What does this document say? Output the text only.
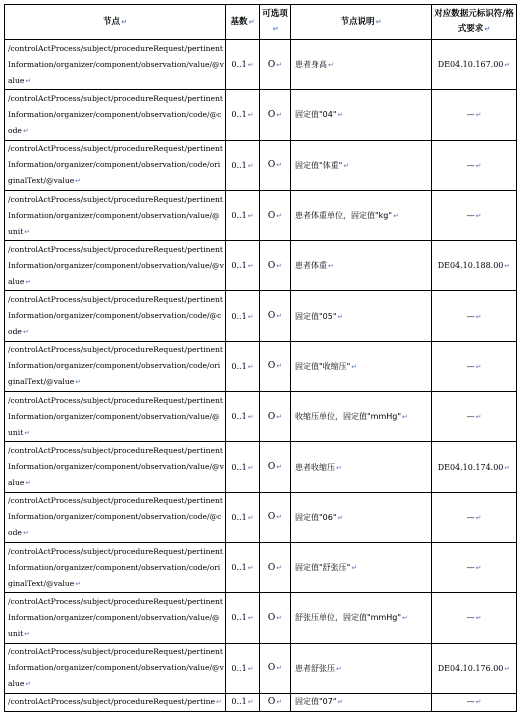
节点↵	基数↵	可选项↵	节点说明↵	对应数据元标识符/格式要求↵
/controlActProcess/subject/procedureRequest/pertinentInformation/organizer/component/observation/value/@value↵	0..1↵	O↵	患者身高↵	DE04.10.167.00↵
/controlActProcess/subject/procedureRequest/pertinentInformation/organizer/component/observation/code/@code↵	0..1↵	O↵	固定值"04"↵	—↵
/controlActProcess/subject/procedureRequest/pertinentInformation/organizer/component/observation/code/originalText/@value↵	0..1↵	O↵	固定值"体重"↵	—↵
/controlActProcess/subject/procedureRequest/pertinentInformation/organizer/component/observation/value/@unit↵	0..1↵	O↵	患者体重单位，固定值"kg"↵	—↵
/controlActProcess/subject/procedureRequest/pertinentInformation/organizer/component/observation/value/@value↵	0..1↵	O↵	患者体重↵	DE04.10.188.00↵
/controlActProcess/subject/procedureRequest/pertinentInformation/organizer/component/observation/code/@code↵	0..1↵	O↵	固定值"05"↵	—↵
/controlActProcess/subject/procedureRequest/pertinentInformation/organizer/component/observation/code/originalText/@value↵	0..1↵	O↵	固定值"收缩压"↵	—↵
/controlActProcess/subject/procedureRequest/pertinentInformation/organizer/component/observation/value/@unit↵	0..1↵	O↵	收缩压单位，固定值"mmHg"↵	—↵
/controlActProcess/subject/procedureRequest/pertinentInformation/organizer/component/observation/value/@value↵	0..1↵	O↵	患者收缩压↵	DE04.10.174.00↵
/controlActProcess/subject/procedureRequest/pertinentInformation/organizer/component/observation/code/@code↵	0..1↵	O↵	固定值"06"↵	—↵
/controlActProcess/subject/procedureRequest/pertinentInformation/organizer/component/observation/code/originalText/@value↵	0..1↵	O↵	固定值"舒张压"↵	—↵
/controlActProcess/subject/procedureRequest/pertinentInformation/organizer/component/observation/value/@unit↵	0..1↵	O↵	舒张压单位，固定值"mmHg"↵	—↵
/controlActProcess/subject/procedureRequest/pertinentInformation/organizer/component/observation/value/@value↵	0..1↵	O↵	患者舒张压↵	DE04.10.176.00↵
/controlActProcess/subject/procedureRequest/pertine↵	0..1↵	O↵	固定值"07"↵	—↵
